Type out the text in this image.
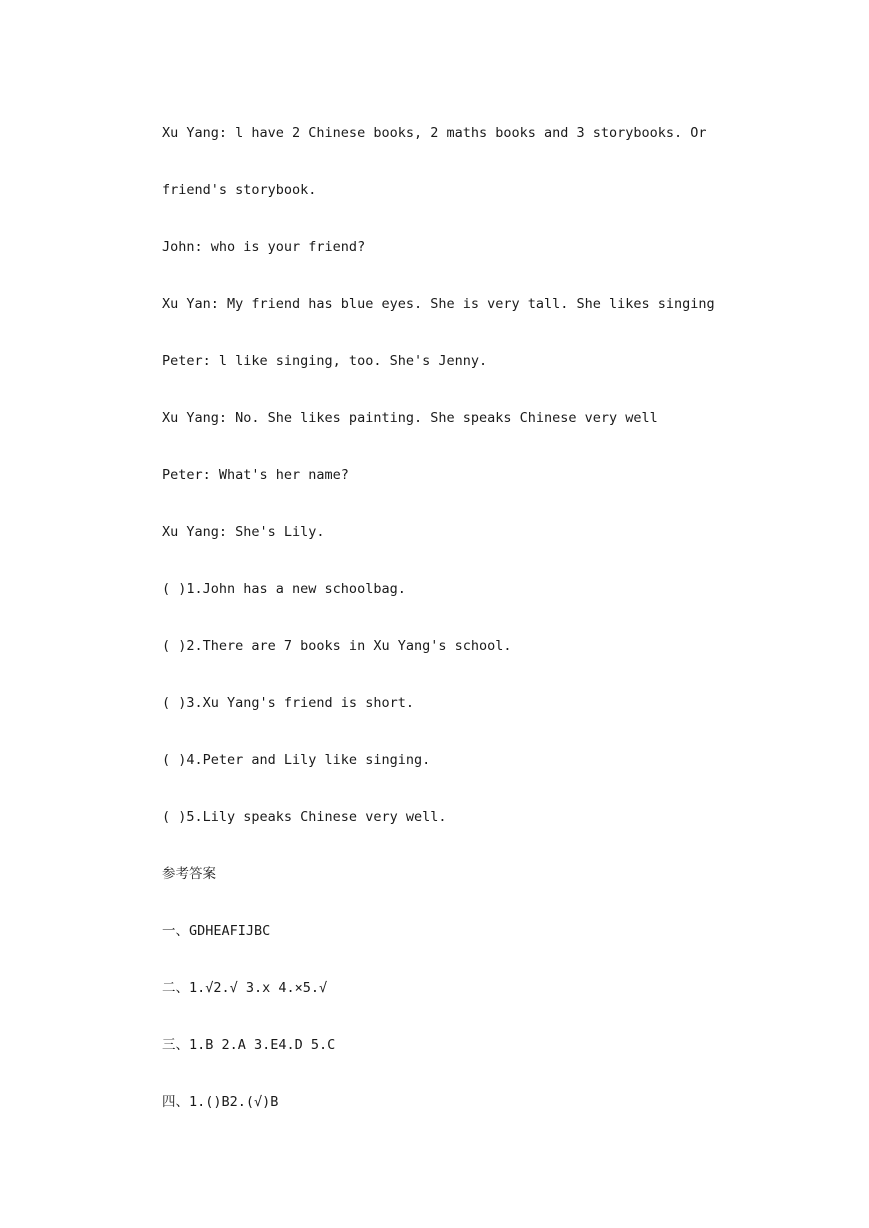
Xu Yang: l have 2 Chinese books, 2 maths books and 3 storybooks. Or
friend's storybook.
John: who is your friend?
Xu Yan: My friend has blue eyes. She is very tall. She likes singing
Peter: l like singing, too. She's Jenny.
Xu Yang: No. She likes painting. She speaks Chinese very well
Peter: What's her name?
Xu Yang: She's Lily.
( )1.John has a new schoolbag.
( )2.There are 7 books in Xu Yang's school.
( )3.Xu Yang's friend is short.
( )4.Peter and Lily like singing.
( )5.Lily speaks Chinese very well.
参考答案
一、GDHEAFIJBC
二、1.√2.√ 3.x 4.×5.√
三、1.B 2.A 3.E4.D 5.C
四、1.()B2.(√)B
